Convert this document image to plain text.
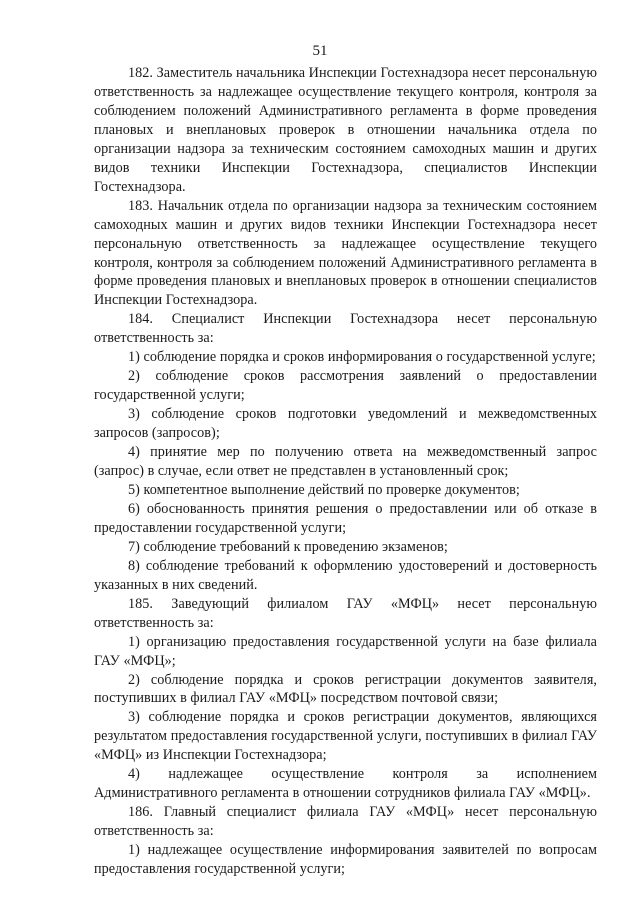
51

182. Заместитель начальника Инспекции Гостехнадзора несет персональную ответственность за надлежащее осуществление текущего контроля, контроля за соблюдением положений Административного регламента в форме проведения плановых и внеплановых проверок в отношении начальника отдела по организации надзора за техническим состоянием самоходных машин и других видов техники Инспекции Гостехнадзора, специалистов Инспекции Гостехнадзора.

183. Начальник отдела по организации надзора за техническим состоянием самоходных машин и других видов техники Инспекции Гостехнадзора несет персональную ответственность за надлежащее осуществление текущего контроля, контроля за соблюдением положений Административного регламента в форме проведения плановых и внеплановых проверок в отношении специалистов Инспекции Гостехнадзора.

184. Специалист Инспекции Гостехнадзора несет персональную ответственность за:

1) соблюдение порядка и сроков информирования о государственной услуге;

2) соблюдение сроков рассмотрения заявлений о предоставлении государственной услуги;

3) соблюдение сроков подготовки уведомлений и межведомственных запросов (запросов);

4) принятие мер по получению ответа на межведомственный запрос (запрос) в случае, если ответ не представлен в установленный срок;

5) компетентное выполнение действий по проверке документов;

6) обоснованность принятия решения о предоставлении или об отказе в предоставлении государственной услуги;

7) соблюдение требований к проведению экзаменов;

8) соблюдение требований к оформлению удостоверений и достоверность указанных в них сведений.

185. Заведующий филиалом ГАУ «МФЦ» несет персональную ответственность за:

1) организацию предоставления государственной услуги на базе филиала ГАУ «МФЦ»;

2) соблюдение порядка и сроков регистрации документов заявителя, поступивших в филиал ГАУ «МФЦ» посредством почтовой связи;

3) соблюдение порядка и сроков регистрации документов, являющихся результатом предоставления государственной услуги, поступивших в филиал ГАУ «МФЦ» из Инспекции Гостехнадзора;

4) надлежащее осуществление контроля за исполнением Административного регламента в отношении сотрудников филиала ГАУ «МФЦ».

186. Главный специалист филиала ГАУ «МФЦ» несет персональную ответственность за:

1) надлежащее осуществление информирования заявителей по вопросам предоставления государственной услуги;
